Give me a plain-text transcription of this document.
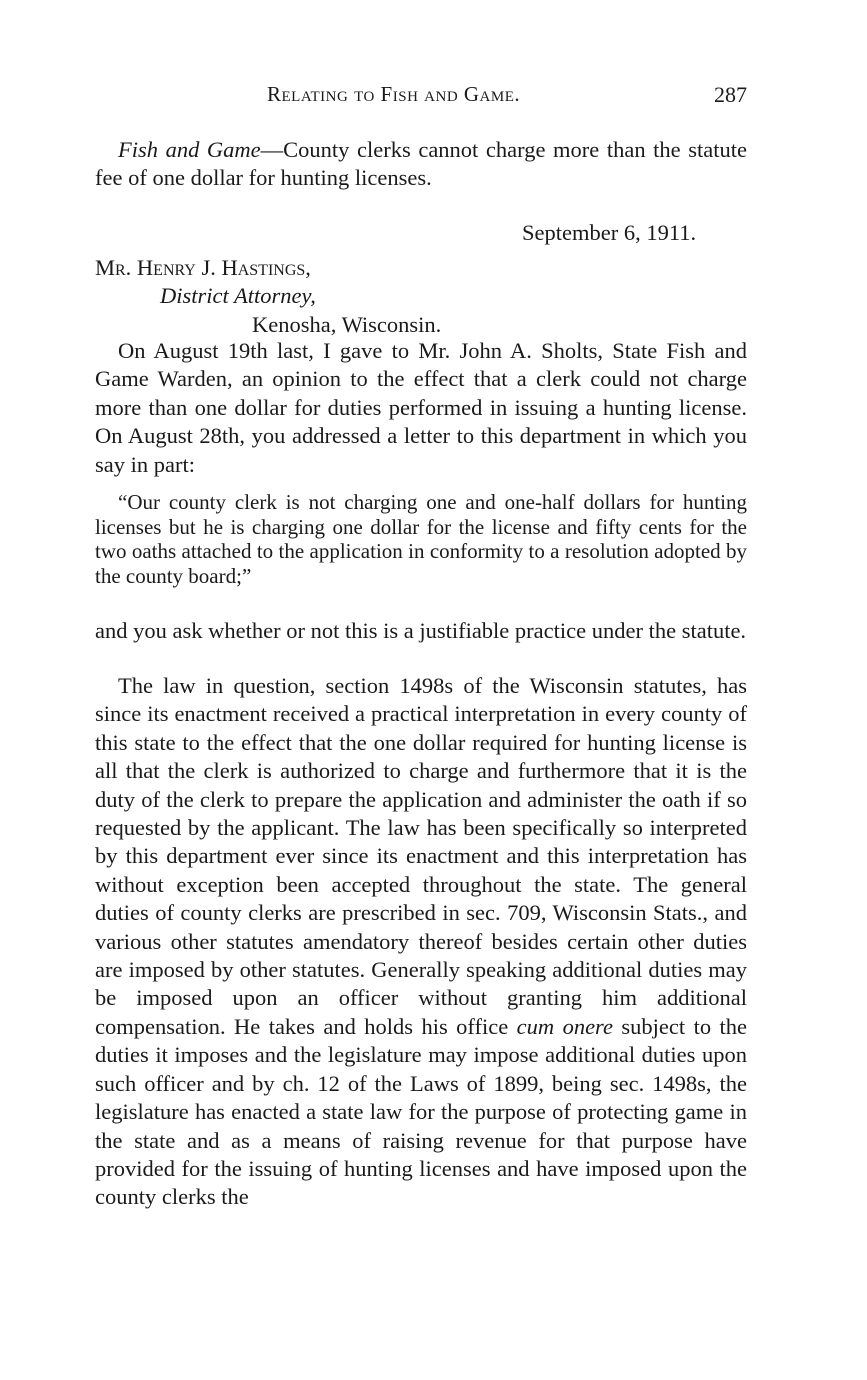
Relating to Fish and Game.	287

Fish and Game—County clerks cannot charge more than the statute fee of one dollar for hunting licenses.

September 6, 1911.
Mr. Henry J. Hastings,
District Attorney,
Kenosha, Wisconsin.

On August 19th last, I gave to Mr. John A. Sholts, State Fish and Game Warden, an opinion to the effect that a clerk could not charge more than one dollar for duties performed in issuing a hunting license. On August 28th, you addressed a letter to this department in which you say in part:

“Our county clerk is not charging one and one-half dollars for hunting licenses but he is charging one dollar for the license and fifty cents for the two oaths attached to the application in conformity to a resolution adopted by the county board;”

and you ask whether or not this is a justifiable practice under the statute.

The law in question, section 1498s of the Wisconsin statutes, has since its enactment received a practical interpretation in every county of this state to the effect that the one dollar required for hunting license is all that the clerk is authorized to charge and furthermore that it is the duty of the clerk to prepare the application and administer the oath if so requested by the applicant. The law has been specifically so interpreted by this department ever since its enactment and this interpretation has without exception been accepted throughout the state. The general duties of county clerks are prescribed in sec. 709, Wisconsin Stats., and various other statutes amendatory thereof besides certain other duties are imposed by other statutes. Generally speaking additional duties may be imposed upon an officer without granting him additional compensation. He takes and holds his office cum onere subject to the duties it imposes and the legislature may impose additional duties upon such officer and by ch. 12 of the Laws of 1899, being sec. 1498s, the legislature has enacted a state law for the purpose of protecting game in the state and as a means of raising revenue for that purpose have provided for the issuing of hunting licenses and have imposed upon the county clerks the
